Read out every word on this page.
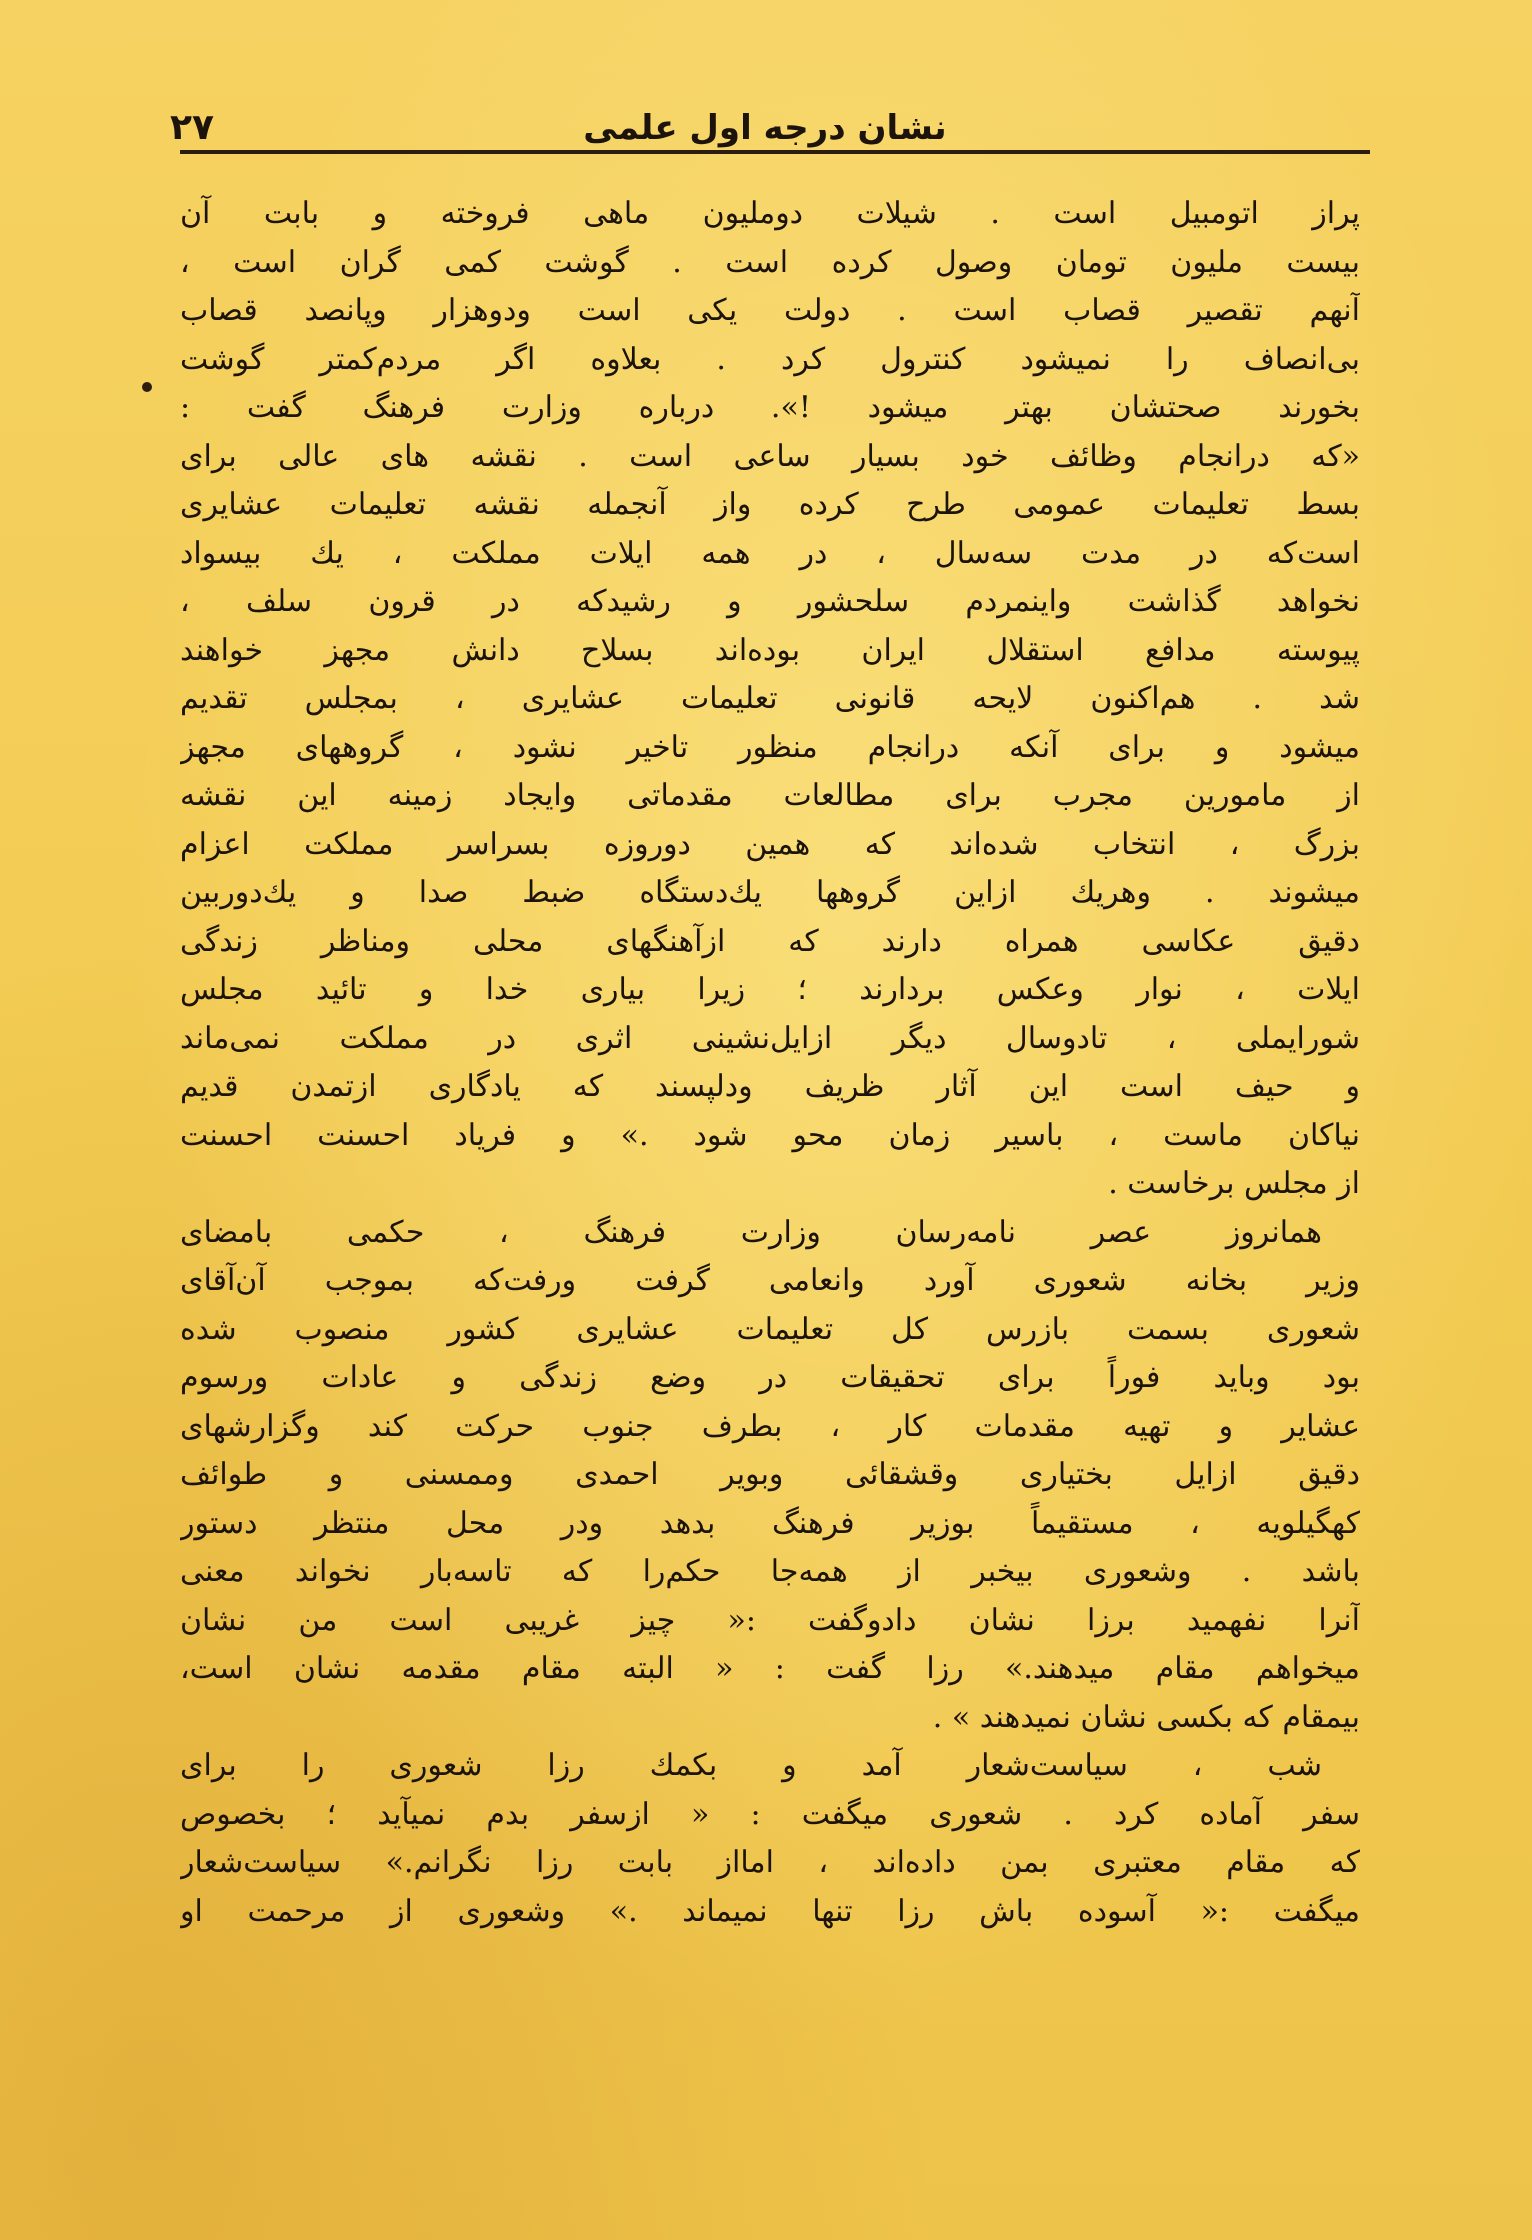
نشان درجه اول علمی
٢٧
پراز اتومبیل است . شیلات دوملیون ماهی فروخته و بابت آن
بیست ملیون تومان وصول کرده است . گوشت کمی گران است ،
آنهم تقصیر قصاب است . دولت یکی است ودوهزار وپانصد قصاب
بی‌انصاف را نمیشود کنترول کرد . بعلاوه اگر مردم‌کمتر گوشت
بخورند صحتشان بهتر میشود !». درباره وزارت فرهنگ گفت :
«که درانجام وظائف خود بسیار ساعی است . نقشه های عالی برای
بسط تعلیمات عمومی طرح کرده واز آنجمله نقشه تعلیمات عشایری
است‌که در مدت سه‌سال ، در همه ایلات مملکت ، یك بیسواد
نخواهد گذاشت واینمردم سلحشور و رشیدکه در قرون سلف ،
پیوسته مدافع استقلال ایران بوده‌اند بسلاح دانش مجهز خواهند
شد . هم‌اکنون لایحه قانونی تعلیمات عشایری ، بمجلس تقدیم
میشود و برای آنکه درانجام منظور تاخیر نشود ، گروههای مجهز
از مامورین مجرب برای مطالعات مقدماتی وایجاد زمینه این نقشه
بزرگ ، انتخاب شده‌اند که همین دوروزه بسراسر مملکت اعزام
میشوند . وهریك ازاین گروهها یك‌دستگاه ضبط صدا و یك‌دوربین
دقیق عکاسی همراه دارند که ازآهنگهای محلی ومناظر زندگی
ایلات ، نوار وعکس بردارند ؛ زیرا بیاری خدا و تائید مجلس
شورایملی ، تادوسال دیگر ازایل‌نشینی اثری در مملکت نمی‌ماند
و حیف است این آثار ظریف ودلپسند که یادگاری ازتمدن قدیم
نیاکان ماست ، باسیر زمان محو شود .» و فریاد احسنت احسنت
از مجلس برخاست .
همانروز عصر نامه‌رسان وزارت فرهنگ ، حکمی بامضای
وزیر بخانه شعوری آورد وانعامی گرفت ورفت‌که بموجب آن‌آقای
شعوری بسمت بازرس کل تعلیمات عشایری کشور منصوب شده
بود وباید فوراً برای تحقیقات در وضع زندگی و عادات ورسوم
عشایر و تهیه مقدمات کار ، بطرف جنوب حرکت کند وگزارشهای
دقیق ازایل بختیاری وقشقائی وبویر احمدی وممسنی و طوائف
کهگیلویه ، مستقیماً بوزیر فرهنگ بدهد ودر محل منتظر دستور
باشد . وشعوری بیخبر از همه‌جا حکم‌را که تاسه‌بار نخواند معنی
آنرا نفهمید برزا نشان دادوگفت :« چیز غریبی است من نشان
میخواهم مقام میدهند.» رزا گفت : « البته مقام مقدمه نشان است،
بیمقام که بکسی نشان نمیدهند » .
شب ، سیاست‌شعار آمد و بکمك رزا شعوری را برای
سفر آماده کرد . شعوری میگفت : « ازسفر بدم نمیآید ؛ بخصوص
که مقام معتبری بمن داده‌اند ، امااز بابت رزا نگرانم.» سیاست‌شعار
میگفت :« آسوده باش رزا تنها نمیماند .» وشعوری از مرحمت او
